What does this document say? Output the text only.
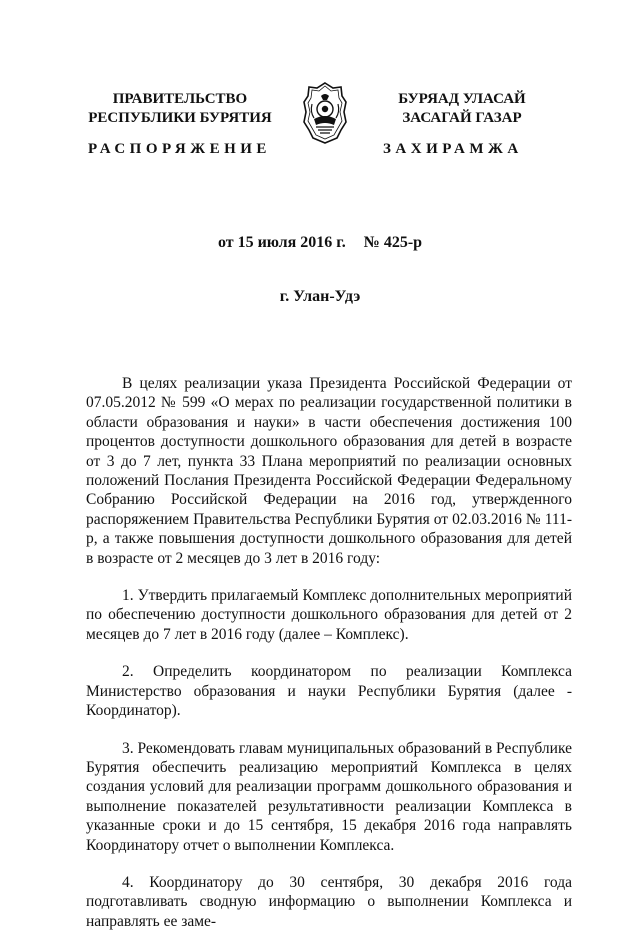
ПРАВИТЕЛЬСТВО
РЕСПУБЛИКИ БУРЯТИЯ
БУРЯАД УЛАСАЙ
ЗАСАГАЙ ГАЗАР
РАСПОРЯЖЕНИЕ	ЗАХИРАМЖА
от 15 июля 2016 г. № 425-р
г. Улан-Удэ

В целях реализации указа Президента Российской Федерации от 07.05.2012 № 599 «О мерах по реализации государственной политики в области образования и науки» в части обеспечения достижения 100 процентов доступности дошкольного образования для детей в возрасте от 3 до 7 лет, пункта 33 Плана мероприятий по реализации основных положений Послания Президента Российской Федерации Федеральному Собранию Российской Федерации на 2016 год, утвержденного распоряжением Правительства Республики Бурятия от 02.03.2016 № 111-р, а также повышения доступности дошкольного образования для детей в возрасте от 2 месяцев до 3 лет в 2016 году:

1. Утвердить прилагаемый Комплекс дополнительных мероприятий по обеспечению доступности дошкольного образования для детей от 2 месяцев до 7 лет в 2016 году (далее – Комплекс).

2. Определить координатором по реализации Комплекса Министерство образования и науки Республики Бурятия (далее - Координатор).

3. Рекомендовать главам муниципальных образований в Республике Бурятия обеспечить реализацию мероприятий Комплекса в целях создания условий для реализации программ дошкольного образования и выполнение показателей результативности реализации Комплекса в указанные сроки и до 15 сентября, 15 декабря 2016 года направлять Координатору отчет о выполнении Комплекса.

4. Координатору до 30 сентября, 30 декабря 2016 года подготавливать сводную информацию о выполнении Комплекса и направлять ее заме-
